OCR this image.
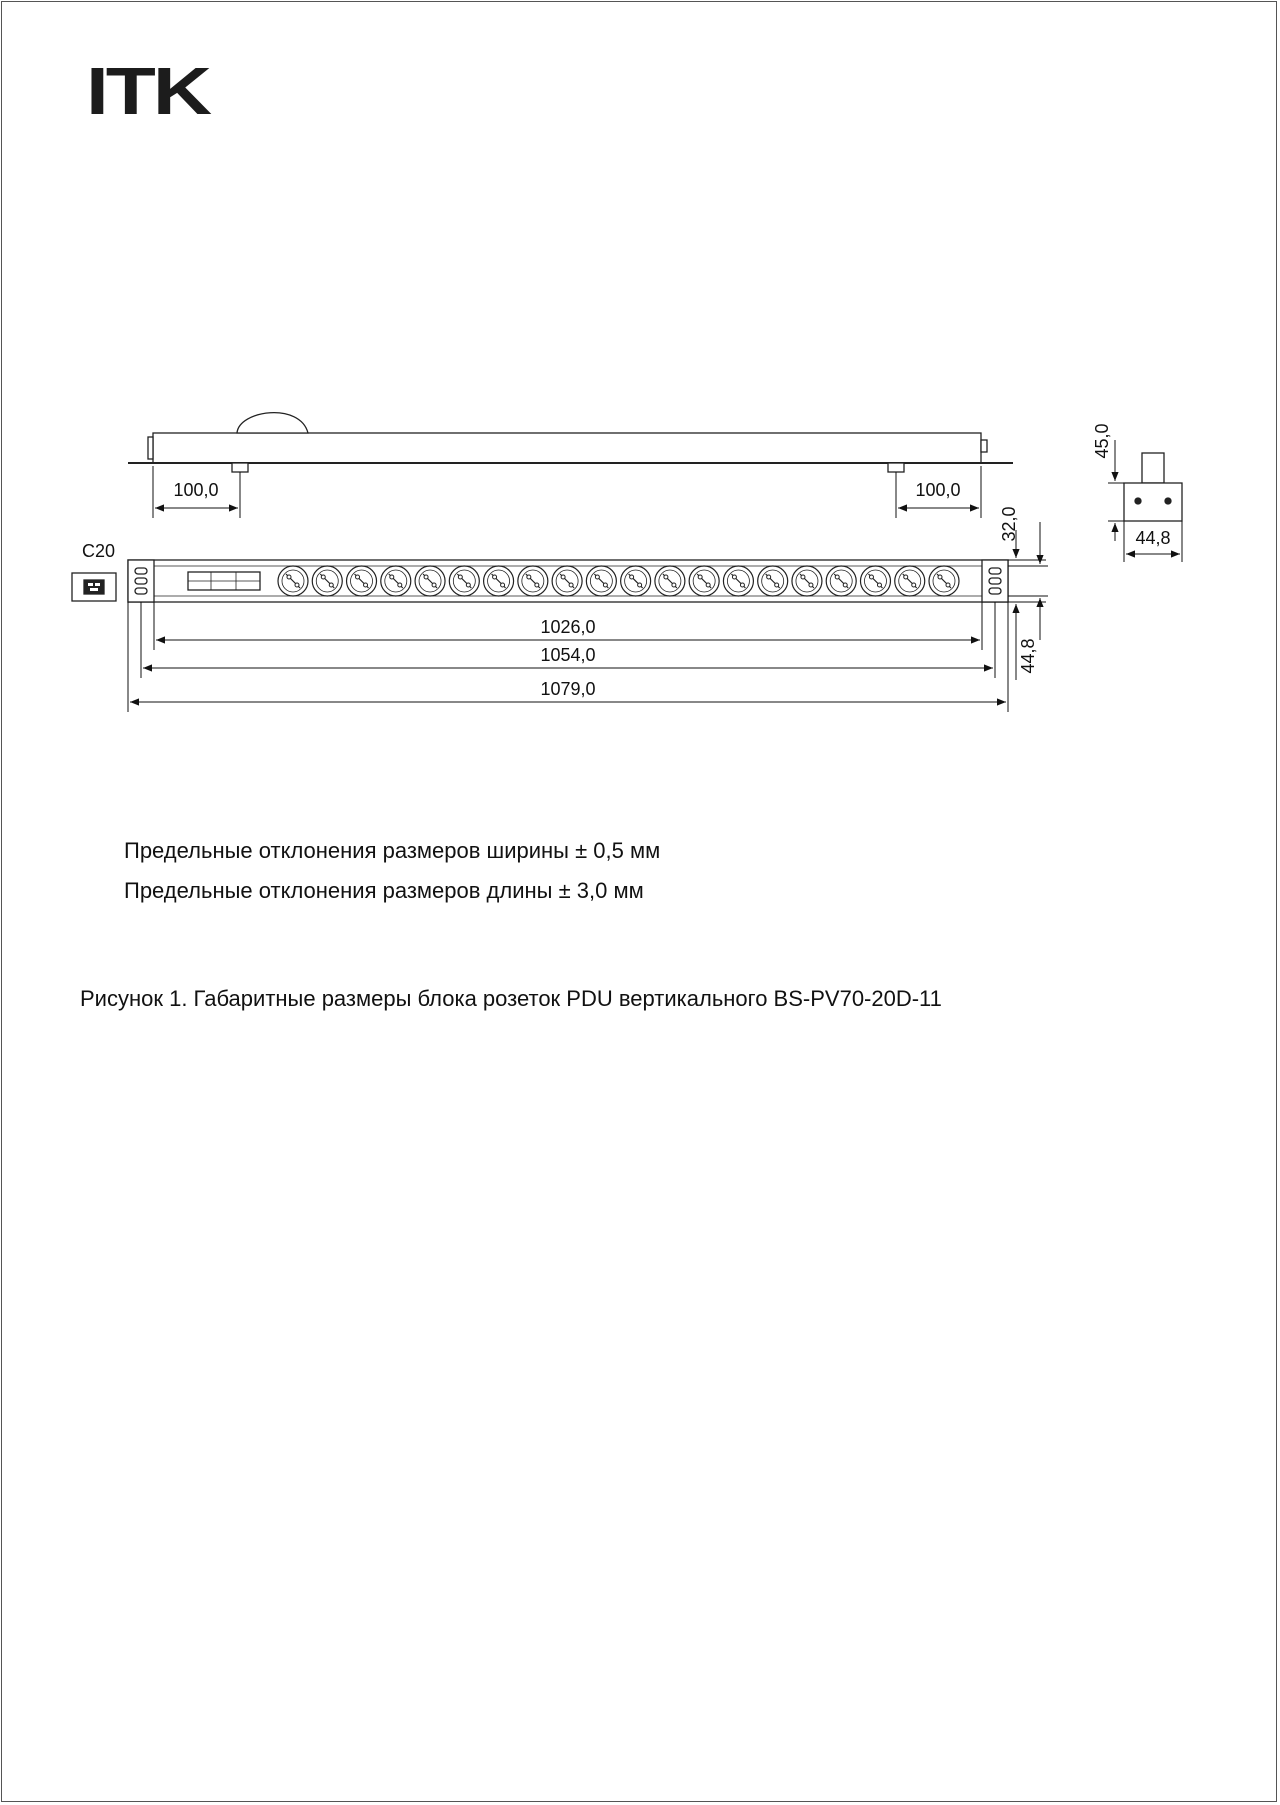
ITK
100,0	100,0
45,0
44,8
C20
32,0
44,8
1026,0
1054,0
1079,0
Предельные отклонения размеров ширины ± 0,5 мм
Предельные отклонения размеров длины ± 3,0 мм
Рисунок 1. Габаритные размеры блока розеток PDU вертикального BS-PV70-20D-11
